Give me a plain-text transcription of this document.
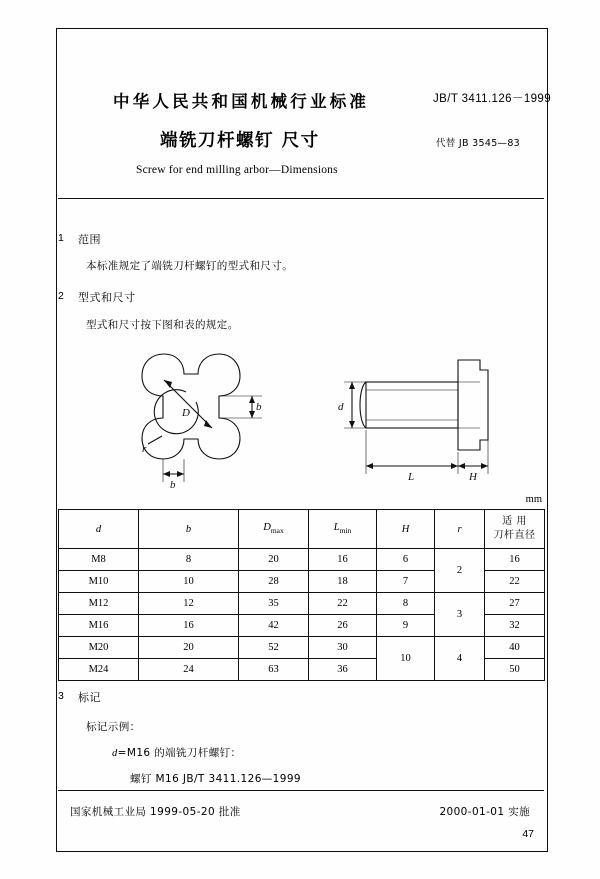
中华人民共和国机械行业标准	JB/T 3411.126－1999
端铣刀杆螺钉 尺寸	代替 JB 3545—83
Screw for end milling arbor—Dimensions
1 范围
本标准规定了端铣刀杆螺钉的型式和尺寸。
2 型式和尺寸
型式和尺寸按下图和表的规定。
D	b
b
r
d
L	H
mm
d	b	$D_{max}$	$L_{min}$	H	r	适 用
刀杆直径

M8	8	20	16	6	2	16
M10	10	28	18	7		22
M12	12	35	22	8	3	27
M16	16	42	26	9		32
M20	20	52	30	10	4	40
M24	24	63	36			50
3 标记
标记示例：
d=M16 的端铣刀杆螺钉：
螺钉 M16 JB/T 3411.126—1999
国家机械工业局 1999-05-20 批准	2000-01-01 实施
47
